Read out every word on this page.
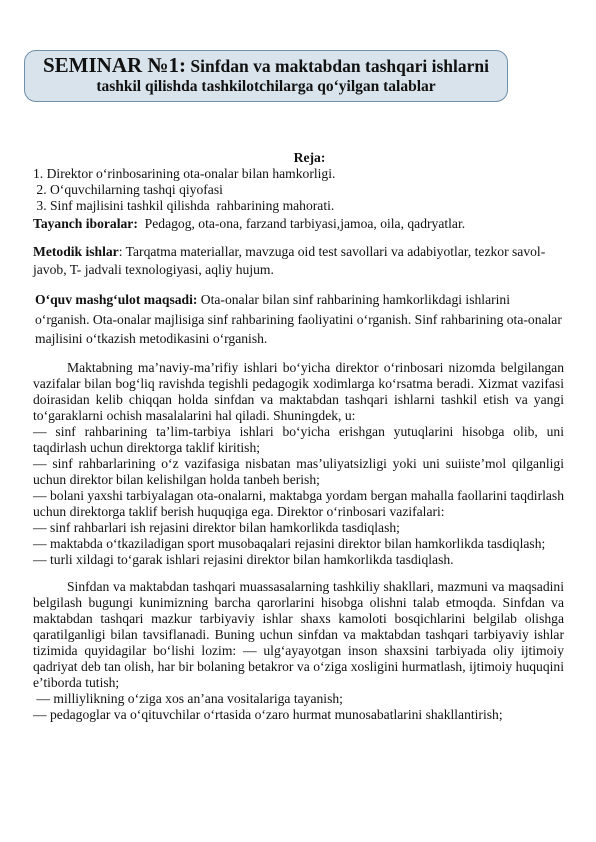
SEMINAR №1: Sinfdan va maktabdan tashqari ishlarni
tashkil qilishda tashkilotchilarga qo‘yilgan talablar

Reja:

1. Direktor o‘rinbosarining ota-onalar bilan hamkorligi.

2. O‘quvchilarning tashqi qiyofasi

3. Sinf majlisini tashkil qilishda  rahbarining mahorati.

Tayanch iboralar:  Pedagog, ota-ona, farzand tarbiyasi,jamoa, oila, qadryatlar.

Metodik ishlar: Tarqatma materiallar, mavzuga oid test savollari va adabiyotlar, tezkor savol-javob, T- jadvali texnologiyasi, aqliy hujum.

O‘quv mashg‘ulot maqsadi: Ota-onalar bilan sinf rahbarining hamkorlikdagi ishlarini o‘rganish. Ota-onalar majlisiga sinf rahbarining faoliyatini o‘rganish. Sinf rahbarining ota-onalar majlisini o‘tkazish metodikasini o‘rganish.

Maktabning ma’naviy-ma’rifiy ishlari bo‘yicha direktor o‘rinbosari nizomda belgilangan vazifalar bilan bog‘liq ravishda tegishli pedagogik xodimlarga ko‘rsatma beradi. Xizmat vazifasi doirasidan kelib chiqqan holda sinfdan va maktabdan tashqari ishlarni tashkil etish va yangi to‘garaklarni ochish masalalarini hal qiladi. Shuningdek, u:

— sinf rahbarining ta’lim-tarbiya ishlari bo‘yicha erishgan yutuqlarini hisobga olib, uni taqdirlash uchun direktorga taklif kiritish;

— sinf rahbarlarining o‘z vazifasiga nisbatan mas’uliyatsizligi yoki uni suiiste’mol qilganligi uchun direktor bilan kelishilgan holda tanbeh berish;

— bolani yaxshi tarbiyalagan ota-onalarni, maktabga yordam bergan mahalla faollarini taqdirlash uchun direktorga taklif berish huquqiga ega. Direktor o‘rinbosari vazifalari:

— sinf rahbarlari ish rejasini direktor bilan hamkorlikda tasdiqlash;

— maktabda o‘tkaziladigan sport musobaqalari rejasini direktor bilan hamkorlikda tasdiqlash;

— turli xildagi to‘garak ishlari rejasini direktor bilan hamkorlikda tasdiqlash.

Sinfdan va maktabdan tashqari muassasalarning tashkiliy shakllari, mazmuni va maqsadini belgilash bugungi kunimizning barcha qarorlarini hisobga olishni talab etmoqda. Sinfdan va maktabdan tashqari mazkur tarbiyaviy ishlar shaxs kamoloti bosqichlarini belgilab olishga qaratilganligi bilan tavsiflanadi. Buning uchun sinfdan va maktabdan tashqari tarbiyaviy ishlar tizimida quyidagilar bo‘lishi lozim: — ulg‘ayayotgan inson shaxsini tarbiyada oliy ijtimoiy qadriyat deb tan olish, har bir bolaning betakror va o‘ziga xosligini hurmatlash, ijtimoiy huquqini e’tiborda tutish;

— milliylikning o‘ziga xos an’ana vositalariga tayanish;

— pedagoglar va o‘qituvchilar o‘rtasida o‘zaro hurmat munosabatlarini shakllantirish;
